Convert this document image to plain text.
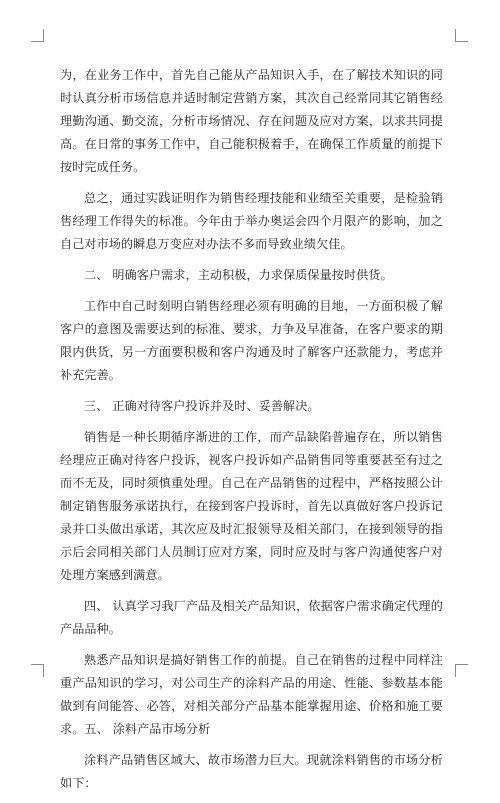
为，在业务工作中，首先自己能从产品知识入手，在了解技术知识的同时认真分析市场信息并适时制定营销方案，其次自己经常同其它销售经理勤沟通、勤交流，分析市场情况、存在问题及应对方案，以求共同提高。在日常的事务工作中，自己能积极着手，在确保工作质量的前提下按时完成任务。

总之，通过实践证明作为销售经理技能和业绩至关重要，是检验销售经理工作得失的标准。今年由于举办奥运会四个月限产的影响，加之自己对市场的瞬息万变应对办法不多而导致业绩欠佳。

二、 明确客户需求，主动积极，力求保质保量按时供货。

工作中自己时刻明白销售经理必须有明确的目地，一方面积极了解客户的意图及需要达到的标准、要求，力争及早准备，在客户要求的期限内供货，另一方面要积极和客户沟通及时了解客户还款能力，考虑并补充完善。

三、 正确对待客户投诉并及时、妥善解决。

销售是一种长期循序渐进的工作，而产品缺陷普遍存在，所以销售经理应正确对待客户投诉，视客户投诉如产品销售同等重要甚至有过之而不无及，同时须慎重处理。自己在产品销售的过程中，严格按照公计制定销售服务承诺执行，在接到客户投诉时，首先以真做好客户投诉记录并口头做出承诺，其次应及时汇报领导及相关部门，在接到领导的指示后会同相关部门人员制订应对方案，同时应及时与客户沟通使客户对处理方案感到满意。

四、 认真学习我厂产品及相关产品知识，依据客户需求确定代理的产品品种。

熟悉产品知识是搞好销售工作的前提。自己在销售的过程中同样注重产品知识的学习，对公司生产的涂料产品的用途、性能、参数基本能做到有问能答、必答，对相关部分产品基本能掌握用途、价格和施工要求。五、 涂料产品市场分析

涂料产品销售区域大、故市场潜力巨大。现就涂料销售的市场分析如下：
